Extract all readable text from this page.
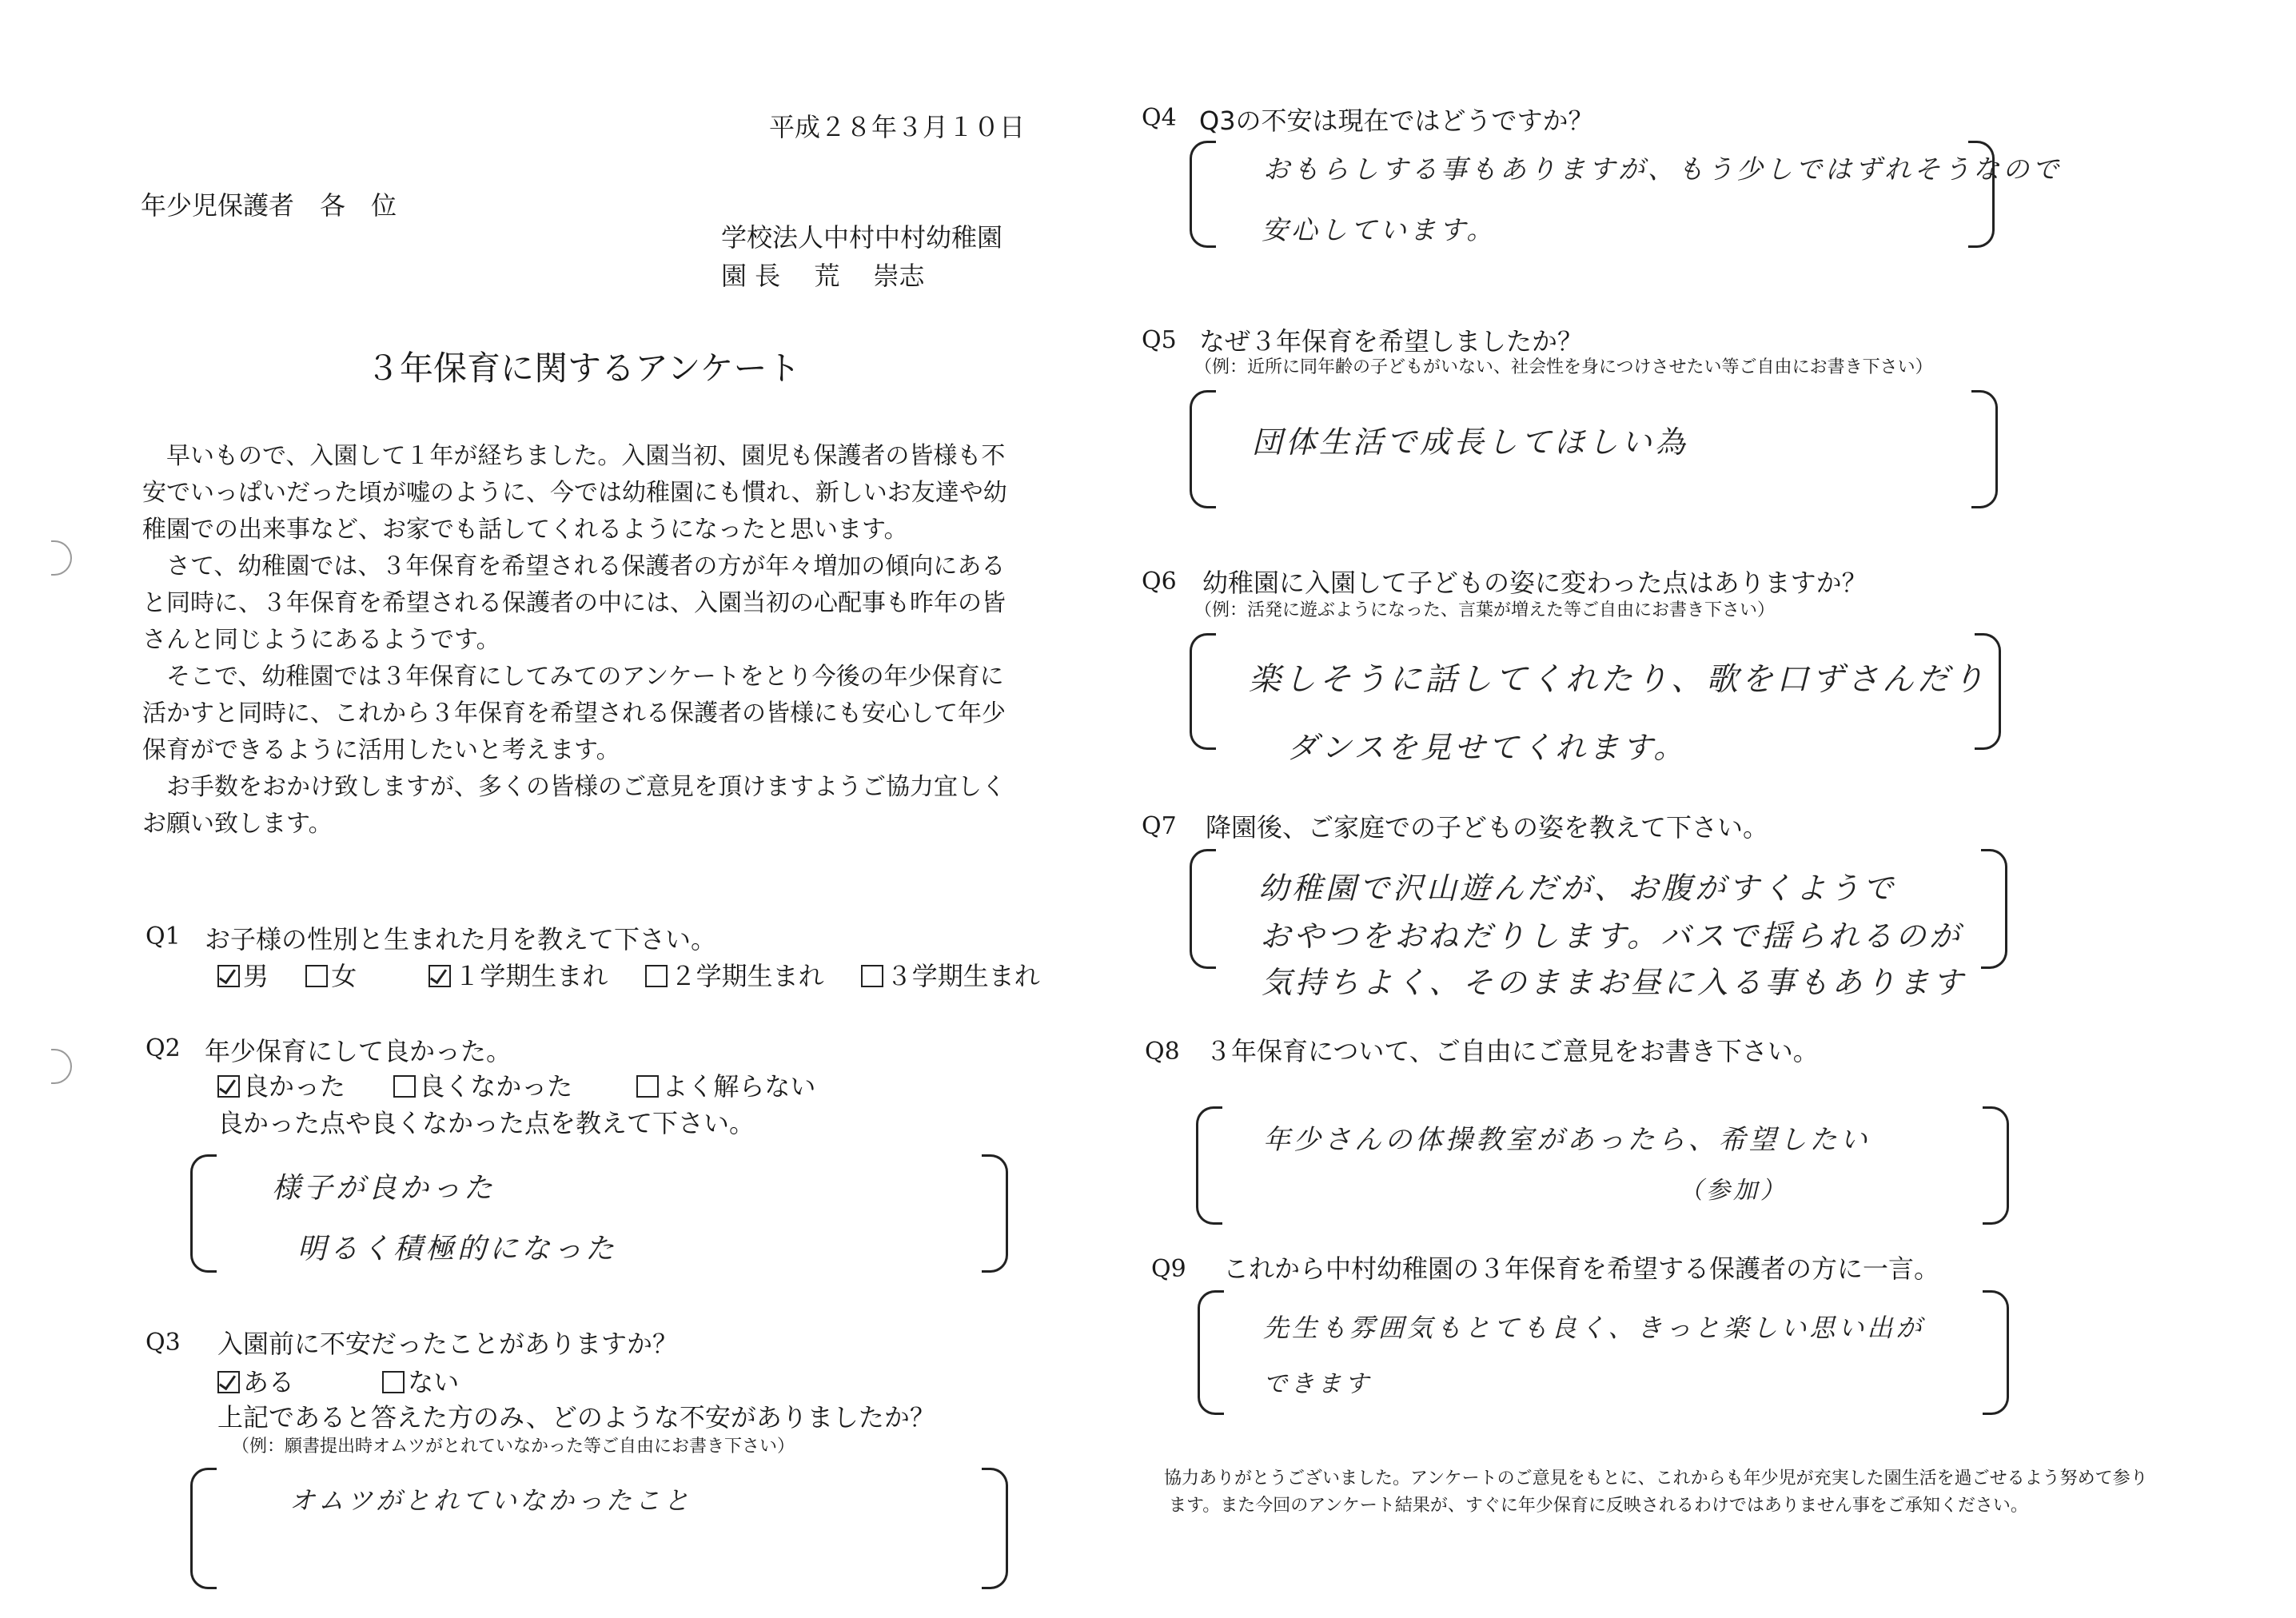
平成２８年３月１０日
年少児保護者　各　位
学校法人中村中村幼稚園
園 長　 荒　 崇志
３年保育に関するアンケート
早いもので、入園して１年が経ちました。入園当初、園児も保護者の皆様も不安でいっぱいだった頃が嘘のように、今では幼稚園にも慣れ、新しいお友達や幼稚園での出来事など、お家でも話してくれるようになったと思います。
さて、幼稚園では、３年保育を希望される保護者の方が年々増加の傾向にあると同時に、３年保育を希望される保護者の中には、入園当初の心配事も昨年の皆さんと同じようにあるようです。
そこで、幼稚園では３年保育にしてみてのアンケートをとり今後の年少保育に活かすと同時に、これから３年保育を希望される保護者の皆様にも安心して年少保育ができるように活用したいと考えます。
お手数をおかけ致しますが、多くの皆様のご意見を頂けますようご協力宜しくお願い致します。
Q1 お子様の性別と生まれた月を教えて下さい。
男 女	１学期生まれ ２学期生まれ ３学期生まれ
Q2 年少保育にして良かった。
良かった	良くなかった	よく解らない
良かった点や良くなかった点を教えて下さい。
様子が良かった
明るく積極的になった
Q3 入園前に不安だったことがありますか？
ある	ない
上記であると答えた方のみ、どのような不安がありましたか？
（例：願書提出時オムツがとれていなかった等ご自由にお書き下さい）
オムツがとれていなかったこと
Q4 Q3の不安は現在ではどうですか？
おもらしする事もありますが、もう少しではずれそうなので
安心しています。
Q5 なぜ３年保育を希望しましたか？
（例：近所に同年齢の子どもがいない、社会性を身につけさせたい等ご自由にお書き下さい）
団体生活で成長してほしい為
Q6 幼稚園に入園して子どもの姿に変わった点はありますか？
（例：活発に遊ぶようになった、言葉が増えた等ご自由にお書き下さい）
楽しそうに話してくれたり、歌を口ずさんだり
ダンスを見せてくれます。
Q7 降園後、ご家庭での子どもの姿を教えて下さい。
幼稚園で沢山遊んだが、お腹がすくようで
おやつをおねだりします。バスで揺られるのが
気持ちよく、そのままお昼に入る事もあります
Q8 ３年保育について、ご自由にご意見をお書き下さい。
年少さんの体操教室があったら、希望したい
（参加）
Q9 これから中村幼稚園の３年保育を希望する保護者の方に一言。
先生も雰囲気もとても良く、きっと楽しい思い出が
できます
協力ありがとうございました。アンケートのご意見をもとに、これからも年少児が充実した園生活を過ごせるよう努めて参り
ます。また今回のアンケート結果が、すぐに年少保育に反映されるわけではありません事をご承知ください。
